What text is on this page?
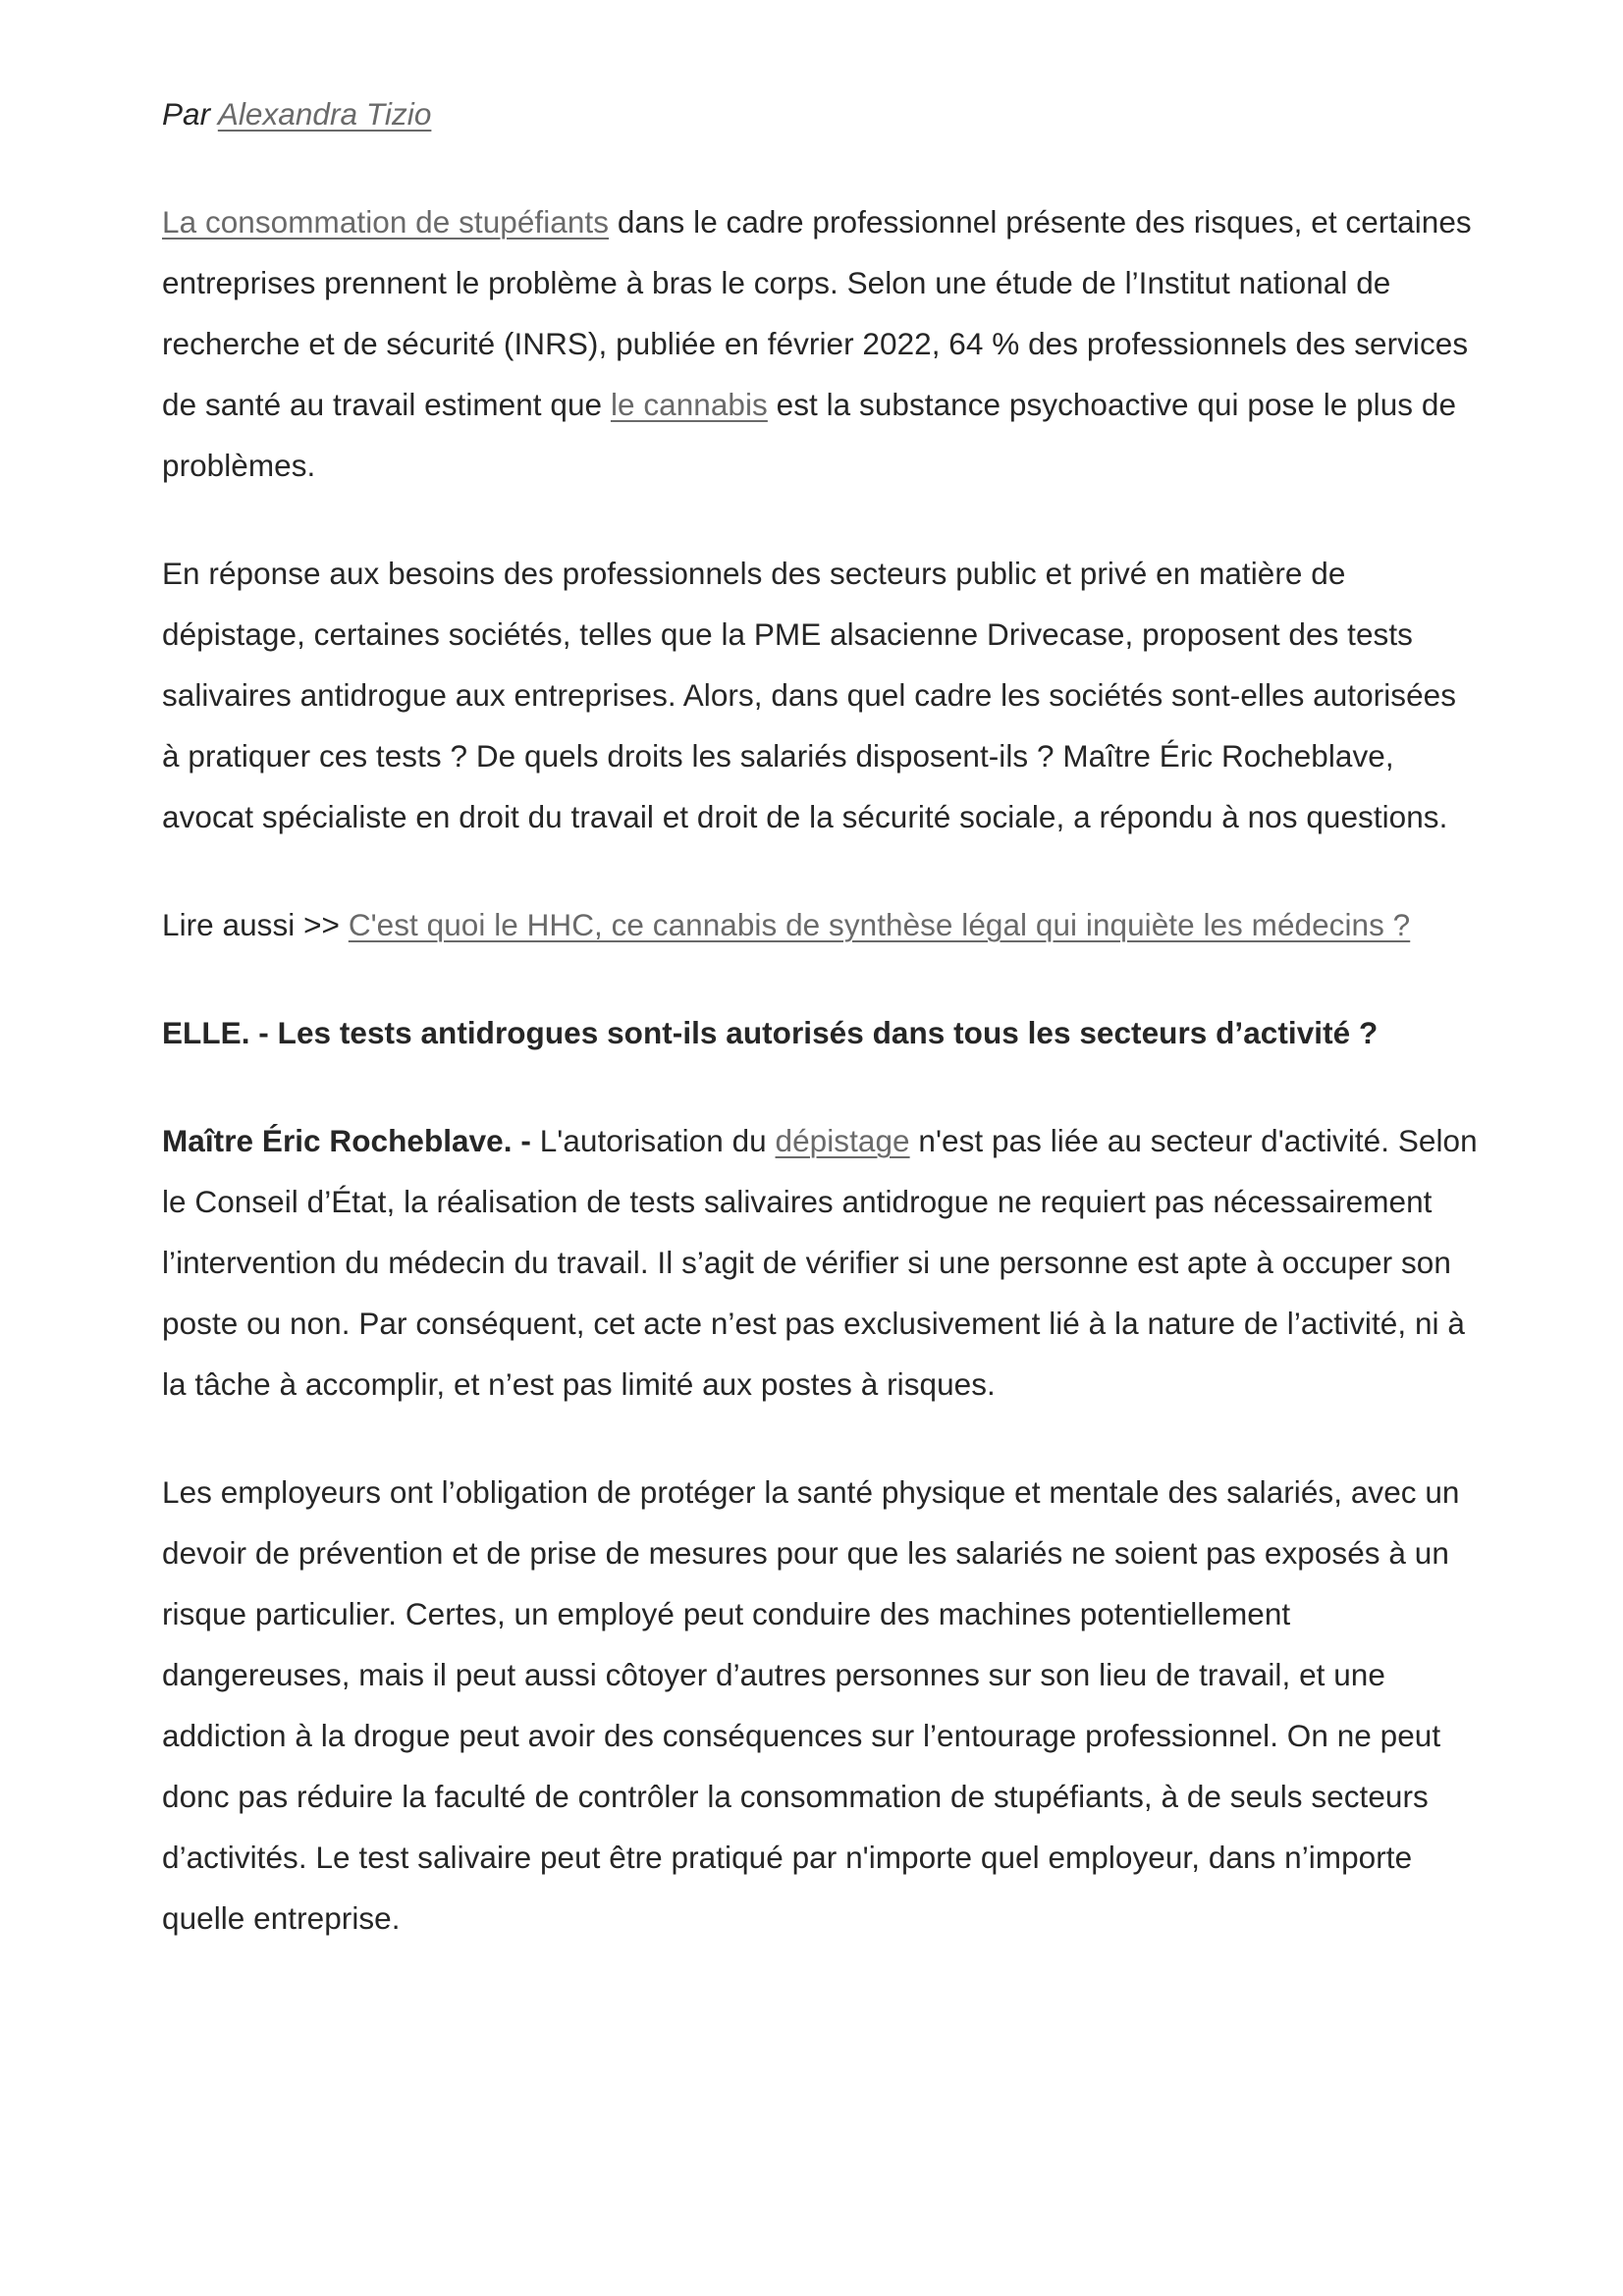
Par Alexandra Tizio

La consommation de stupéfiants dans le cadre professionnel présente des risques, et certaines entreprises prennent le problème à bras le corps. Selon une étude de l’Institut national de recherche et de sécurité (INRS), publiée en février 2022, 64 % des professionnels des services de santé au travail estiment que le cannabis est la substance psychoactive qui pose le plus de problèmes.

En réponse aux besoins des professionnels des secteurs public et privé en matière de dépistage, certaines sociétés, telles que la PME alsacienne Drivecase, proposent des tests salivaires antidrogue aux entreprises. Alors, dans quel cadre les sociétés sont-elles autorisées à pratiquer ces tests ? De quels droits les salariés disposent-ils ? Maître Éric Rocheblave, avocat spécialiste en droit du travail et droit de la sécurité sociale, a répondu à nos questions.

Lire aussi >> C'est quoi le HHC, ce cannabis de synthèse légal qui inquiète les médecins ?

ELLE. - Les tests antidrogues sont-ils autorisés dans tous les secteurs d’activité ?

Maître Éric Rocheblave. - L'autorisation du dépistage n'est pas liée au secteur d'activité. Selon le Conseil d’État, la réalisation de tests salivaires antidrogue ne requiert pas nécessairement l’intervention du médecin du travail. Il s’agit de vérifier si une personne est apte à occuper son poste ou non. Par conséquent, cet acte n’est pas exclusivement lié à la nature de l’activité, ni à la tâche à accomplir, et n’est pas limité aux postes à risques.

Les employeurs ont l’obligation de protéger la santé physique et mentale des salariés, avec un devoir de prévention et de prise de mesures pour que les salariés ne soient pas exposés à un risque particulier. Certes, un employé peut conduire des machines potentiellement dangereuses, mais il peut aussi côtoyer d’autres personnes sur son lieu de travail, et une addiction à la drogue peut avoir des conséquences sur l’entourage professionnel. On ne peut donc pas réduire la faculté de contrôler la consommation de stupéfiants, à de seuls secteurs d’activités. Le test salivaire peut être pratiqué par n'importe quel employeur, dans n’importe quelle entreprise.
